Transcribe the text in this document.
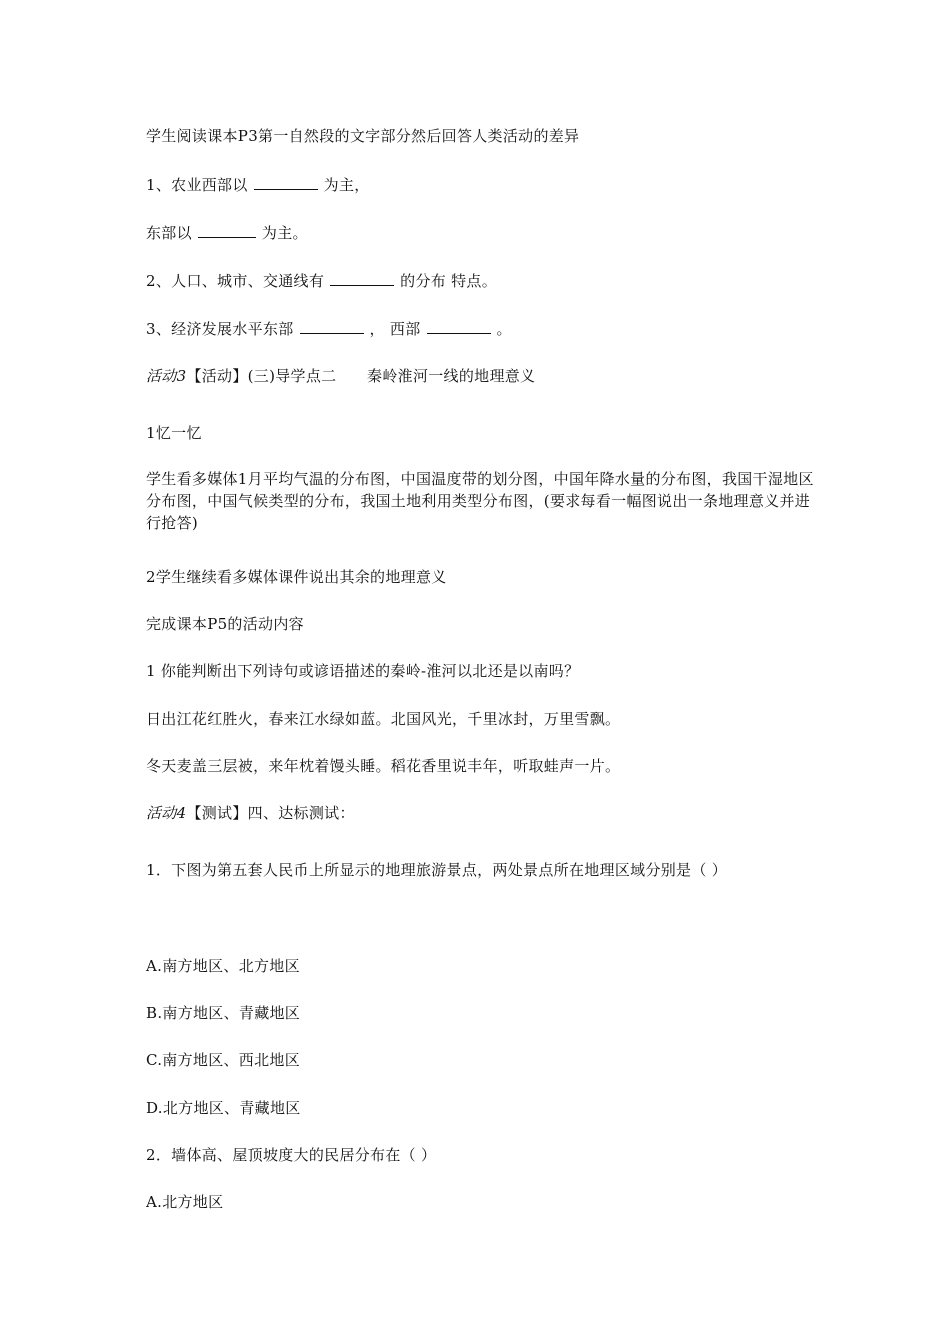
学生阅读课本P3第一自然段的文字部分然后回答人类活动的差异
1、农业西部以	为主，
东部以	为主。
2、人口、城市、交通线有	的分布 特点。
3、经济发展水平东部	， 西部	。
活动3【活动】(三)导学点二　　秦岭淮河一线的地理意义
1忆一忆
学生看多媒体1月平均气温的分布图，中国温度带的划分图，中国年降水量的分布图，我国干湿地区分布图，中国气候类型的分布，我国土地利用类型分布图，(要求每看一幅图说出一条地理意义并进行抢答)
2学生继续看多媒体课件说出其余的地理意义
完成课本P5的活动内容
1 你能判断出下列诗句或谚语描述的秦岭-淮河以北还是以南吗？
日出江花红胜火，春来江水绿如蓝。北国风光，千里冰封，万里雪飘。
冬天麦盖三层被，来年枕着馒头睡。稻花香里说丰年，听取蛙声一片。
活动4【测试】四、达标测试：
1．下图为第五套人民币上所显示的地理旅游景点，两处景点所在地理区域分别是（ ）
A.南方地区、北方地区
B.南方地区、青藏地区
C.南方地区、西北地区
D.北方地区、青藏地区
2．墙体高、屋顶坡度大的民居分布在（ ）
A.北方地区
